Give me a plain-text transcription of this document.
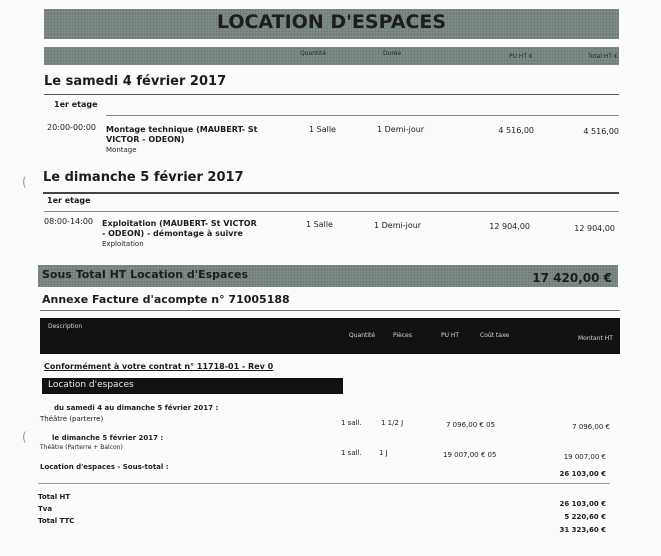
LOCATION D'ESPACES
Quantité	Durée	PU HT €	Total HT €
Le samedi 4 février 2017
1er etage
20:00-00:00 Montage technique (MAUBERT- St
VICTOR - ODEON)
Montage
1 Salle	1 Demi-jour	4 516,00	4 516,00
Le dimanche 5 février 2017
1er etage
08:00-14:00 Exploitation (MAUBERT- St VICTOR
- ODEON) - démontage à suivre
Exploitation
1 Salle	1 Demi-jour	12 904,00	12 904,00
Sous Total HT Location d'Espaces	17 420,00 €
Annexe Facture d'acompte n° 71005188
Description
Quantité	Pièces	PU HT	Coût taxe	Montant HT
Conformément à votre contrat n° 11718-01 - Rev 0
Location d'espaces
du samedi 4 au dimanche 5 février 2017 :
Théâtre (parterre)	1 sall.	1 1/2 J	7 096,00 € 05	7 096,00 €
le dimanche 5 février 2017 :
Théâtre (Parterre + Balcon)
1 sall. 1 J	19 007,00 € 05	19 007,00 €
Location d'espaces - Sous-total :
26 103,00 €
Total HT
26 103,00 €
Tva
5 220,60 €
Total TTC
31 323,60 €
(
(
